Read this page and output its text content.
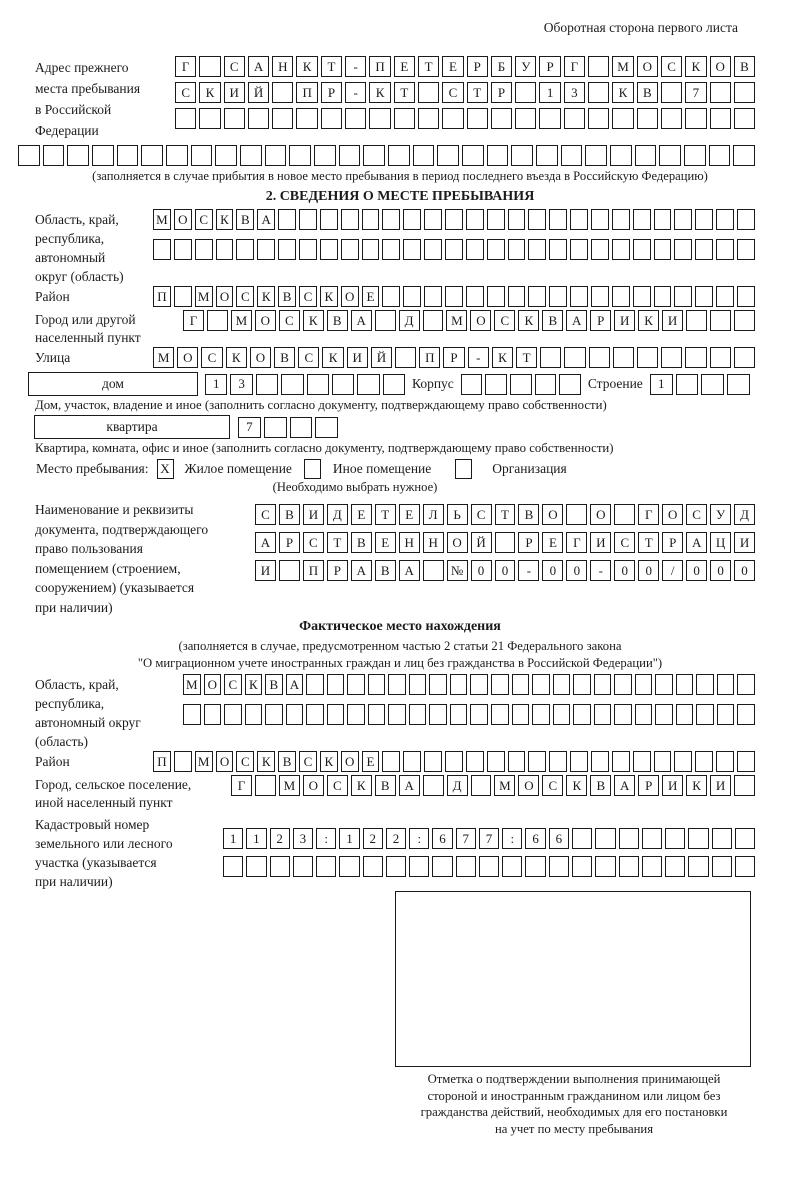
Оборотная сторона первого листа
Адрес прежнего
места пребывания
в Российской
Федерации
Г	С	А	Н	К	Т	-	П	Е	Т	Е	Р	Б	У	Р	Г	М	О	С	К	О	В
С	К	И	Й	П	Р	-	К	Т	С	Т	Р	1	3	К	В	7
(заполняется в случае прибытия в новое место пребывания в период последнего въезда в Российскую Федерацию)
2. СВЕДЕНИЯ О МЕСТЕ ПРЕБЫВАНИЯ
Область, край,
республика,
автономный
округ (область)
М О С К В А
Район	П	М О С К В С К О Е
Город или другой
населенный пункт
Г	М	О	С	К	В	А	Д	М	О	С	К	В	А	Р	И	К	И
Улица	М	О	С	К	О	В	С	К	И	Й	П	Р	-	К	Т
дом	1	3	Корпус	Строение	1
Дом, участок, владение и иное (заполнить согласно документу, подтверждающему право собственности)
квартира	7
Квартира, комната, офис и иное (заполнить согласно документу, подтверждающему право собственности)
Место пребывания: X Жилое помещение	Иное помещение	Организация
(Необходимо выбрать нужное)
Наименование и реквизиты
документа, подтверждающего
право пользования
помещением (строением,
сооружением) (указывается
при наличии)
С	В	И	Д	Е	Т	Е	Л	Ь	С	Т	В	О	О	Г	О	С	У	Д
А	Р	С	Т	В	Е	Н	Н	О	Й	Р	Е	Г	И	С	Т	Р	А	Ц	И
И	П	Р	А	В	А	№	0	0	-	0	0	-	0	0	/	0	0	0
Фактическое место нахождения
(заполняется в случае, предусмотренном частью 2 статьи 21 Федерального закона
"О миграционном учете иностранных граждан и лиц без гражданства в Российской Федерации")
Область, край,
республика,
автономный округ
(область)
М О С К В А
Район	П	М О С К В С К О Е
Город, сельское поселение,
иной населенный пункт
Г	М	О	С	К	В	А	Д	М	О	С	К	В	А	Р	И	К	И
Кадастровый номер
земельного или лесного
участка (указывается
при наличии)
1	1	2	3	:	1	2	2	:	6	7	7	:	6	6
Отметка о подтверждении выполнения принимающей
стороной и иностранным гражданином или лицом без
гражданства действий, необходимых для его постановки
на учет по месту пребывания
